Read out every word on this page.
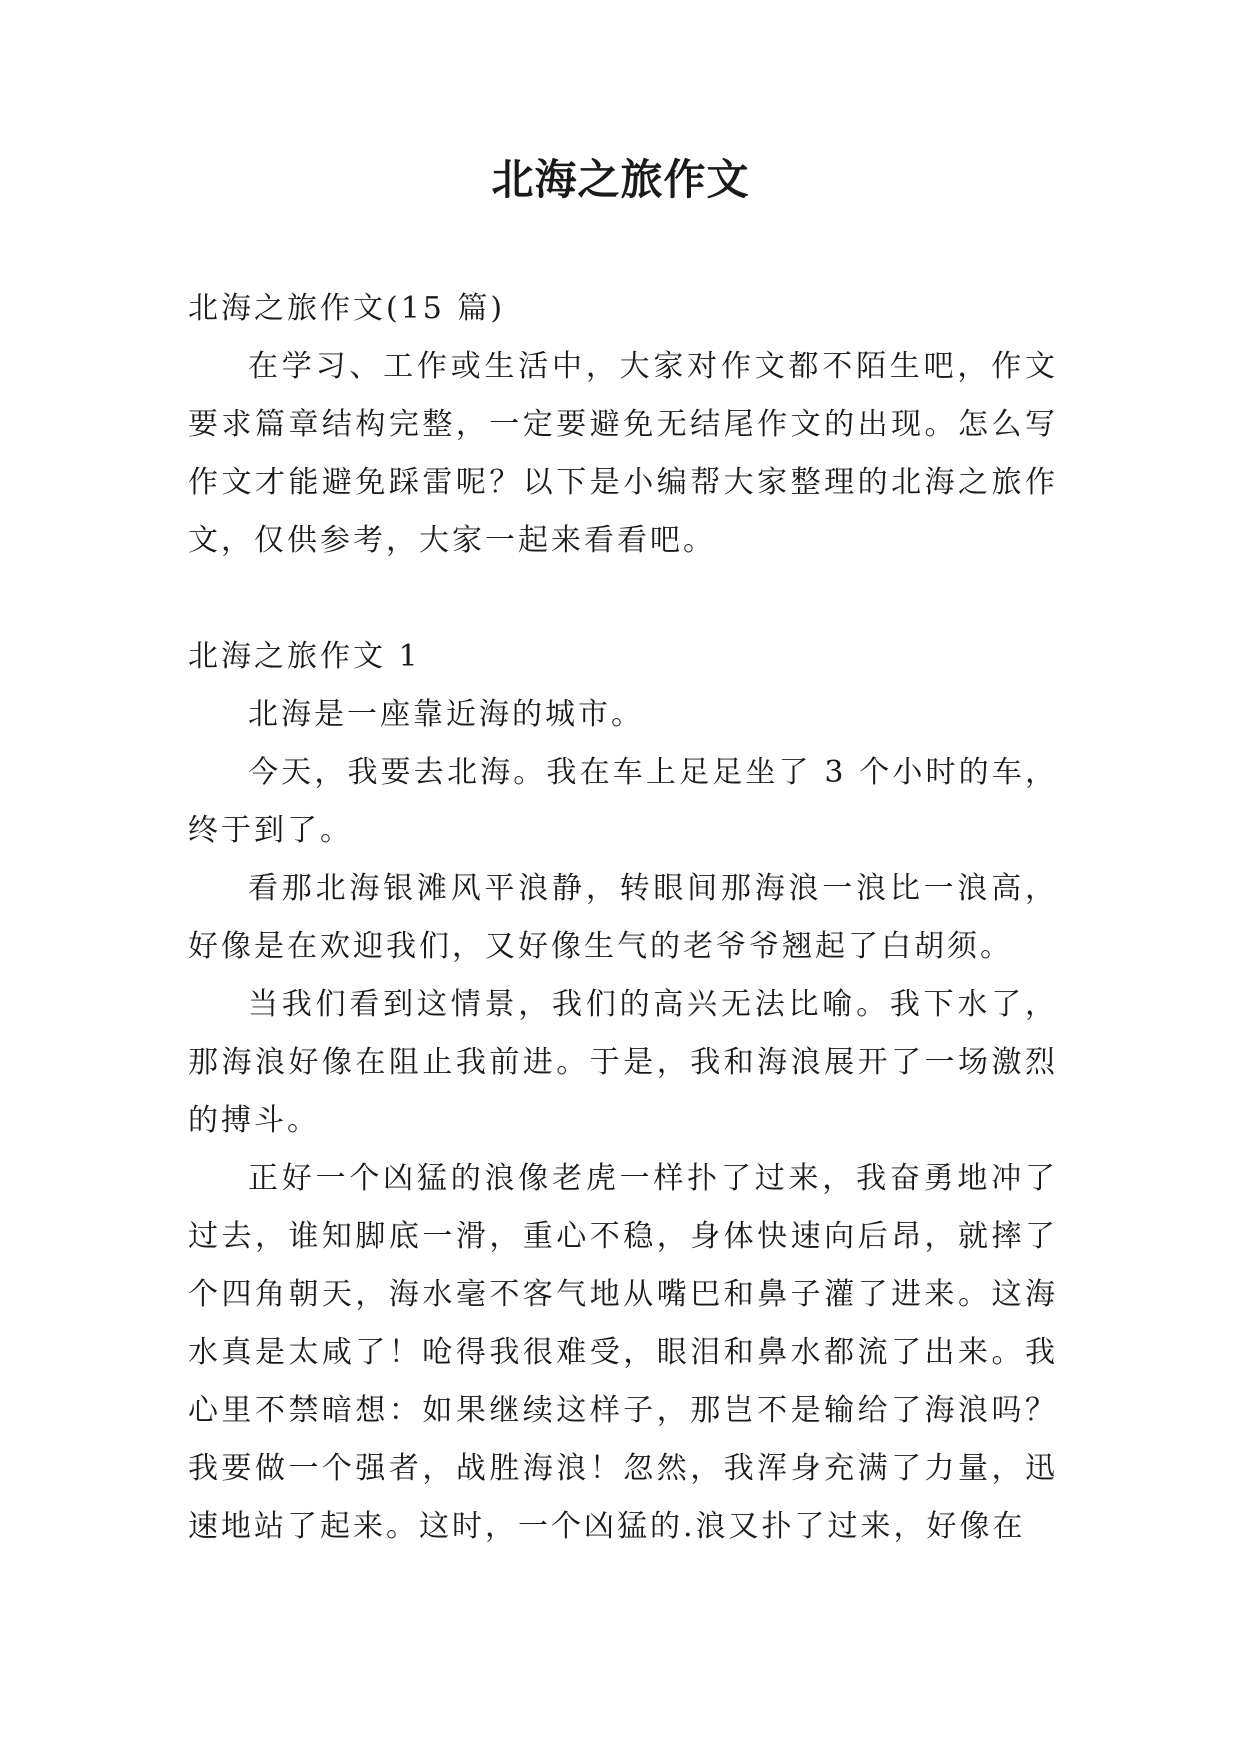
北海之旅作文

北海之旅作文(15 篇)

在学习、工作或生活中，大家对作文都不陌生吧，作文要求篇章结构完整，一定要避免无结尾作文的出现。怎么写作文才能避免踩雷呢？以下是小编帮大家整理的北海之旅作文，仅供参考，大家一起来看看吧。

北海之旅作文 1

北海是一座靠近海的城市。

今天，我要去北海。我在车上足足坐了 3 个小时的车，终于到了。

看那北海银滩风平浪静，转眼间那海浪一浪比一浪高，好像是在欢迎我们，又好像生气的老爷爷翘起了白胡须。

当我们看到这情景，我们的高兴无法比喻。我下水了，那海浪好像在阻止我前进。于是，我和海浪展开了一场激烈的搏斗。

正好一个凶猛的浪像老虎一样扑了过来，我奋勇地冲了过去，谁知脚底一滑，重心不稳，身体快速向后昂，就摔了个四角朝天，海水毫不客气地从嘴巴和鼻子灌了进来。这海水真是太咸了！呛得我很难受，眼泪和鼻水都流了出来。我心里不禁暗想：如果继续这样子，那岂不是输给了海浪吗？我要做一个强者，战胜海浪！忽然，我浑身充满了力量，迅速地站了起来。这时，一个凶猛的.浪又扑了过来，好像在
